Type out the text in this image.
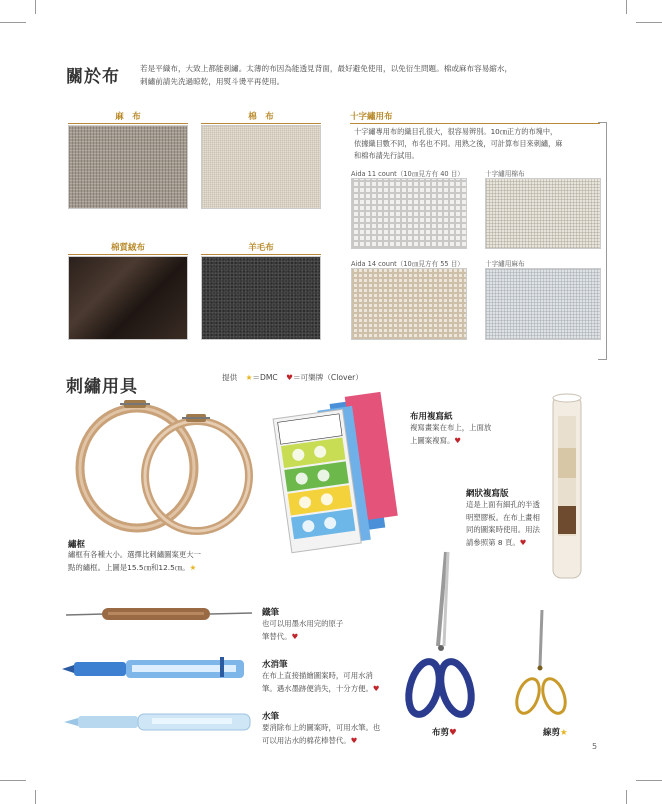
關於布	若是平織布，大致上都能刺繡。太薄的布因為能透見背面，最好避免使用，以免衍生問題。棉或麻布容易縮水，
刺繡前請先洗過晾乾，用熨斗燙平再使用。
麻　布	棉　布
棉質絨布	羊毛布
十字繡用布
十字繡專用布的織目孔很大，很容易辨別。10㎝正方的布塊中，
依據織目數不同，布名也不同。用熟之後，可計算布目來刺繡，麻
和棉布請先行試用。
Aida 11 count（10㎝見方有 40 目）	十字繡用棉布
Aida 14 count（10㎝見方有 55 目）	十字繡用麻布
刺繡用具	提供 ★＝DMC ♥＝可樂牌（Clover）
繡框
繡框有各種大小。選擇比刺繡圖案更大一
點的繡框。上圖是15.5㎝和12.5㎝。★
布用複寫紙
複寫畫案在布上，上面放
上圖案複寫。♥
網狀複寫版
這是上面有細孔的半透
明塑膠板。在布上畫相
同的圖案時使用。用法
請參照第 8 頁。♥
鐵筆
也可以用墨水用完的原子
筆替代。♥
水消筆
在布上直接描繪圖案時，可用水消
筆。遇水墨跡便消失，十分方便。♥
水筆
要消除布上的圖案時，可用水筆。也
可以用沾水的棉花棒替代。♥
布剪♥	線剪★
5
